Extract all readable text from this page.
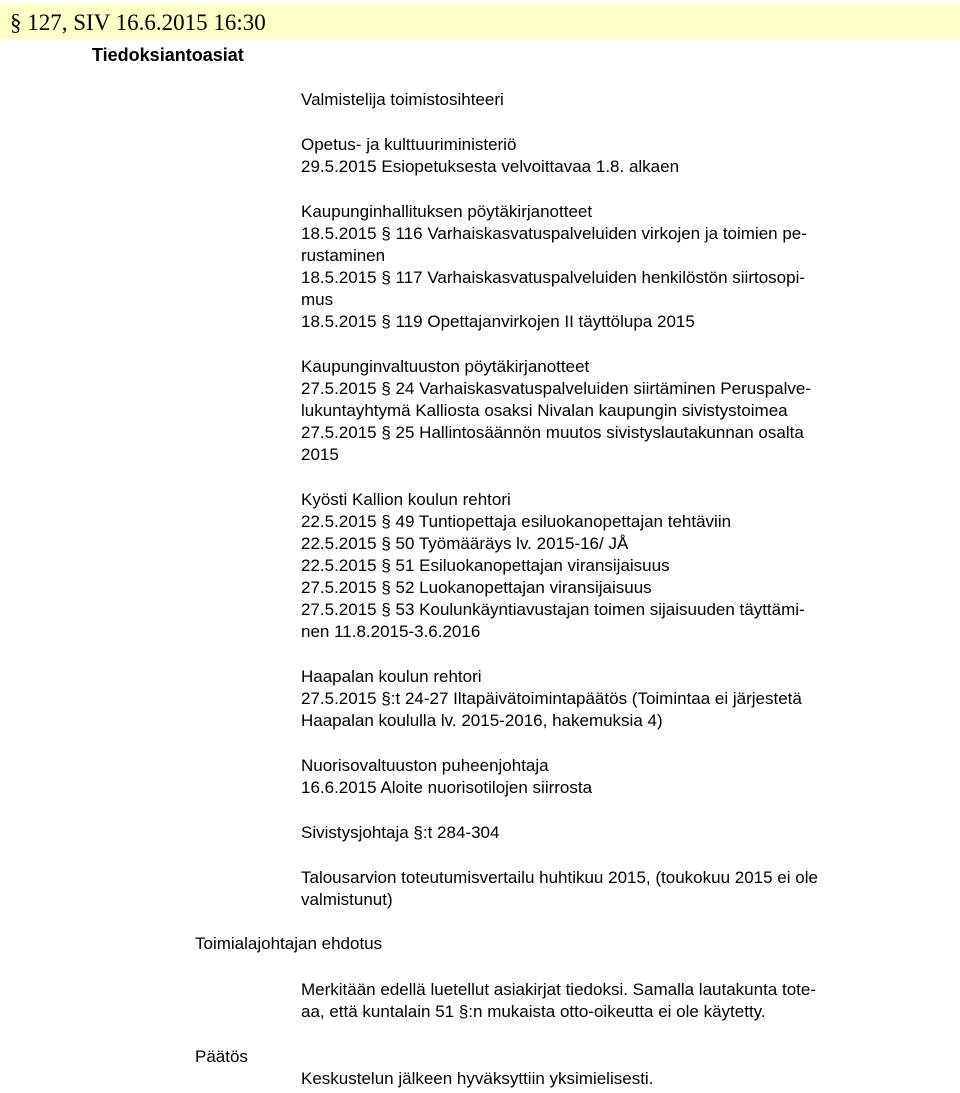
§ 127, SIV 16.6.2015 16:30
Tiedoksiantoasiat
Valmistelija toimistosihteeri
Opetus- ja kulttuuriministeriö
29.5.2015 Esiopetuksesta velvoittavaa 1.8. alkaen
Kaupunginhallituksen pöytäkirjanotteet
18.5.2015 § 116 Varhaiskasvatuspalveluiden virkojen ja toimien pe-
rustaminen
18.5.2015 § 117 Varhaiskasvatuspalveluiden henkilöstön siirtosopi-
mus
18.5.2015 § 119 Opettajanvirkojen II täyttölupa 2015
Kaupunginvaltuuston pöytäkirjanotteet
27.5.2015 § 24 Varhaiskasvatuspalveluiden siirtäminen Peruspalve-
lukuntayhtymä Kalliosta osaksi Nivalan kaupungin sivistystoimea
27.5.2015 § 25 Hallintosäännön muutos sivistyslautakunnan osalta
2015
Kyösti Kallion koulun rehtori
22.5.2015 § 49 Tuntiopettaja esiluokanopettajan tehtäviin
22.5.2015 § 50 Työmääräys lv. 2015-16/ JÅ
22.5.2015 § 51 Esiluokanopettajan viransijaisuus
27.5.2015 § 52 Luokanopettajan viransijaisuus
27.5.2015 § 53 Koulunkäyntiavustajan toimen sijaisuuden täyttämi-
nen 11.8.2015-3.6.2016
Haapalan koulun rehtori
27.5.2015 §:t 24-27 Iltapäivätoimintapäätös (Toimintaa ei järjestetä
Haapalan koululla lv. 2015-2016, hakemuksia 4)
Nuorisovaltuuston puheenjohtaja
16.6.2015 Aloite nuorisotilojen siirrosta
Sivistysjohtaja §:t 284-304
Talousarvion toteutumisvertailu huhtikuu 2015, (toukokuu 2015 ei ole
valmistunut)
Toimialajohtajan ehdotus
Merkitään edellä luetellut asiakirjat tiedoksi. Samalla lautakunta tote-
aa, että kuntalain 51 §:n mukaista otto-oikeutta ei ole käytetty.
Päätös
Keskustelun jälkeen hyväksyttiin yksimielisesti.
